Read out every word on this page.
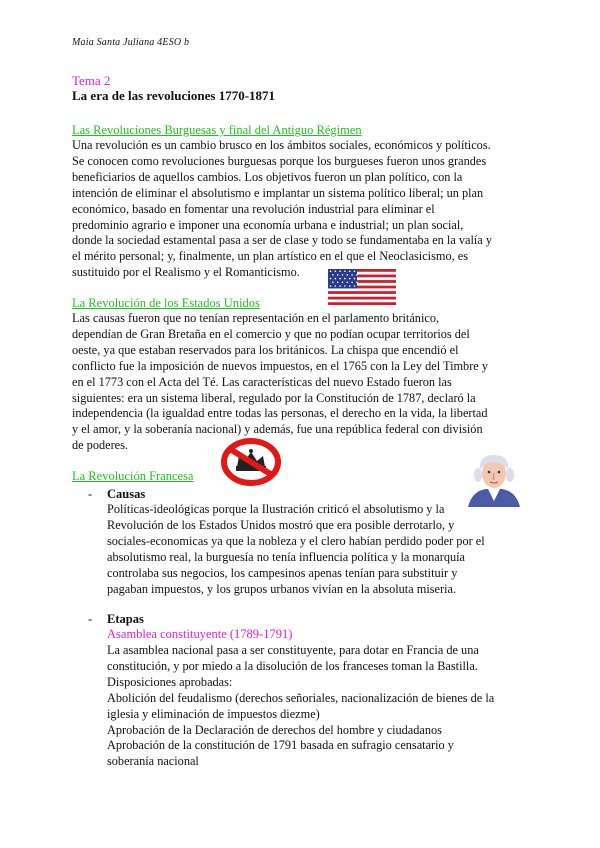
Maia Santa Juliana 4ESO b
Tema 2
La era de las revoluciones 1770-1871
Las Revoluciones Burguesas y final del Antiguo Régimen
Una revolución es un cambio brusco en los ámbitos sociales, económicos y políticos.
Se conocen como revoluciones burguesas porque los burgueses fueron unos grandes
beneficiarios de aquellos cambios. Los objetivos fueron un plan político, con la
intención de eliminar el absolutismo e implantar un sistema político liberal; un plan
económico, basado en fomentar una revolución industrial para eliminar el
predominio agrario e imponer una economía urbana e industrial; un plan social,
donde la sociedad estamental pasa a ser de clase y todo se fundamentaba en la valía y
el mérito personal; y, finalmente, un plan artístico en el que el Neoclasicismo, es
sustituido por el Realismo y el Romanticismo.
La Revolución de los Estados Unidos
Las causas fueron que no tenían representación en el parlamento británico,
dependían de Gran Bretaña en el comercio y que no podían ocupar territorios del
oeste, ya que estaban reservados para los británicos. La chispa que encendió el
conflicto fue la imposición de nuevos impuestos, en el 1765 con la Ley del Timbre y
en el 1773 con el Acta del Té. Las características del nuevo Estado fueron las
siguientes: era un sistema liberal, regulado por la Constitución de 1787, declaró la
independencia (la igualdad entre todas las personas, el derecho en la vida, la libertad
y el amor, y la soberanía nacional) y además, fue una república federal con división
de poderes.
La Revolución Francesa
- Causas
Políticas-ideológicas porque la Ilustración criticó el absolutismo y la
Revolución de los Estados Unidos mostró que era posible derrotarlo, y
sociales-economicas ya que la nobleza y el clero habían perdido poder por el
absolutismo real, la burguesía no tenía influencia política y la monarquía
controlaba sus negocios, los campesinos apenas tenían para substituir y
pagaban impuestos, y los grupos urbanos vivían en la absoluta miseria.
- Etapas
Asamblea constituyente (1789-1791)
La asamblea nacional pasa a ser constituyente, para dotar en Francia de una
constitución, y por miedo a la disolución de los franceses toman la Bastilla.
Disposiciones aprobadas:
Abolición del feudalismo (derechos señoriales, nacionalización de bienes de la
iglesia y eliminación de impuestos diezme)
Aprobación de la Declaración de derechos del hombre y ciudadanos
Aprobación de la constitución de 1791 basada en sufragio censatario y
soberanía nacional
